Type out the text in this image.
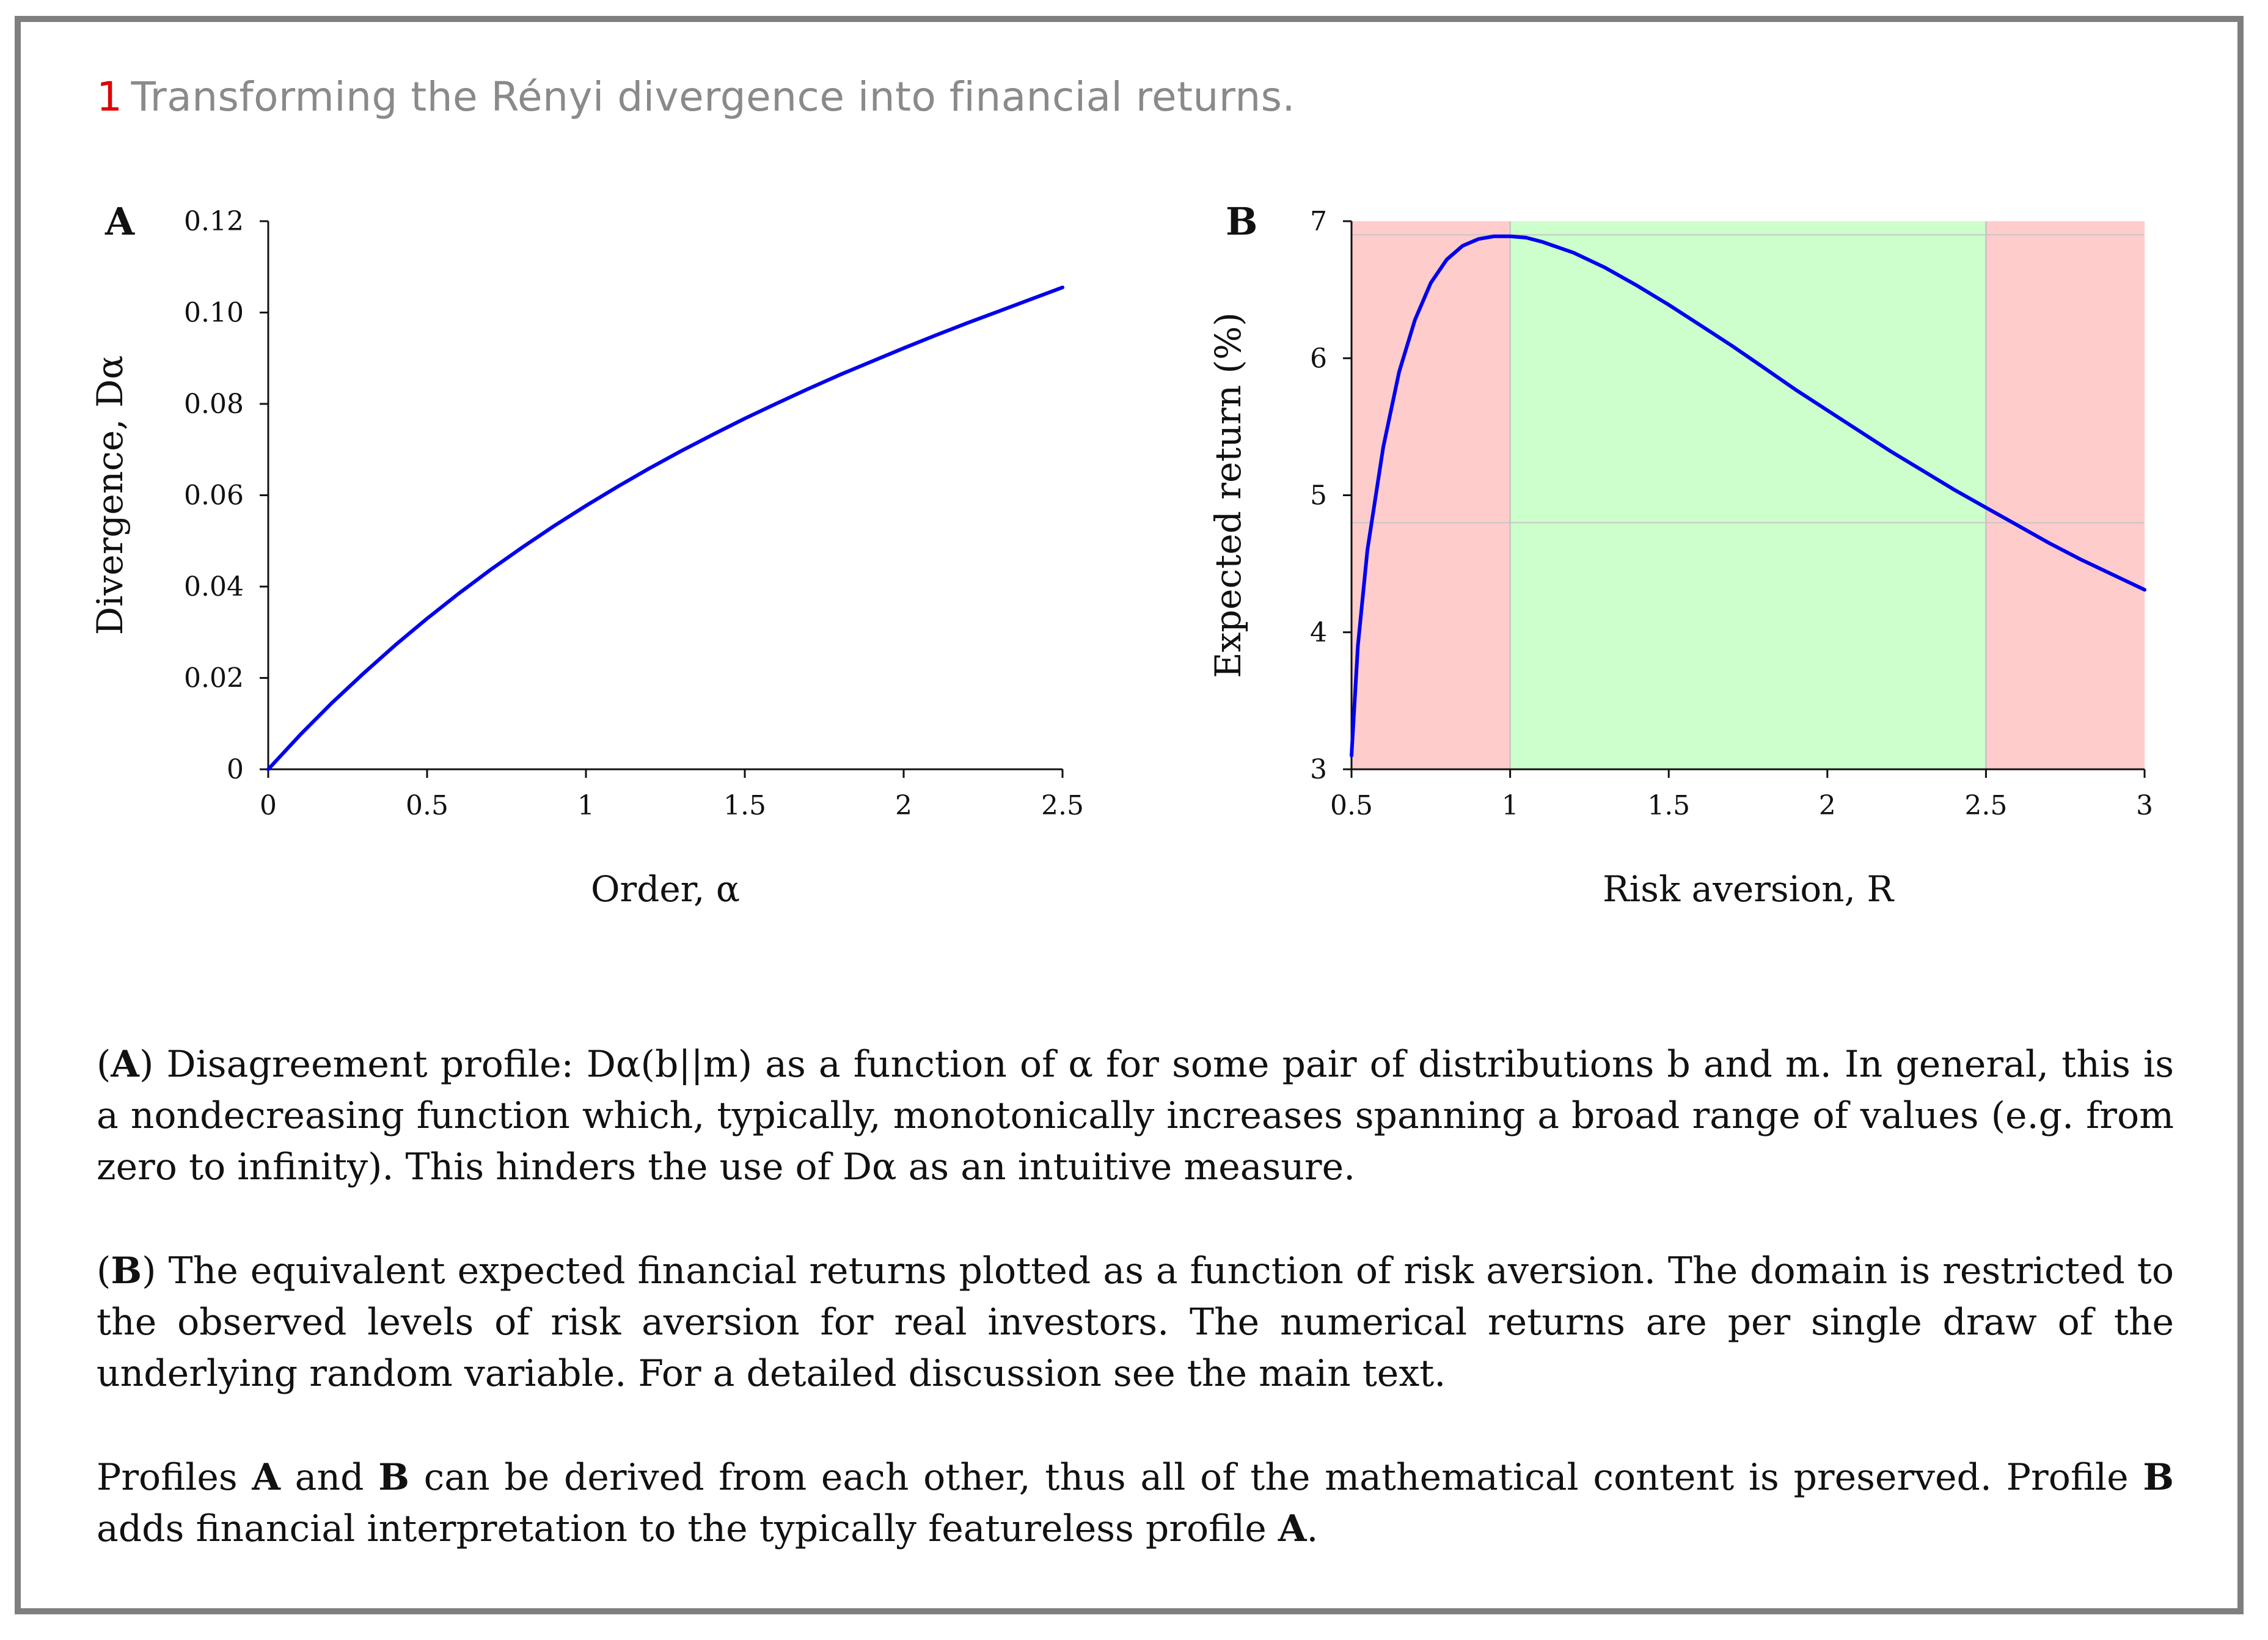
1 Transforming the Rényi divergence into financial returns.
0	0.5	1	1.5	2	2.5
0
0.02
0.04
0.06
0.08
0.10
0.12
A
Order, α
Divergence, Dα
0.5	1	1.5	2	2.5	3
3
4
5
6
7
B
Risk aversion, R
Expected return (%)
(A) Disagreement profile: Dα(b||m) as a function of α for some pair of distributions b and m. In general, this is a nondecreasing function which, typically, monotonically increases spanning a broad range of values (e.g. from zero to infinity). This hinders the use of Dα as an intuitive measure.
(B) The equivalent expected financial returns plotted as a function of risk aversion. The domain is restricted to the observed levels of risk aversion for real investors. The numerical returns are per single draw of the underlying random variable. For a detailed discussion see the main text.
Profiles A and B can be derived from each other, thus all of the mathematical content is preserved. Profile B adds financial interpretation to the typically featureless profile A.
